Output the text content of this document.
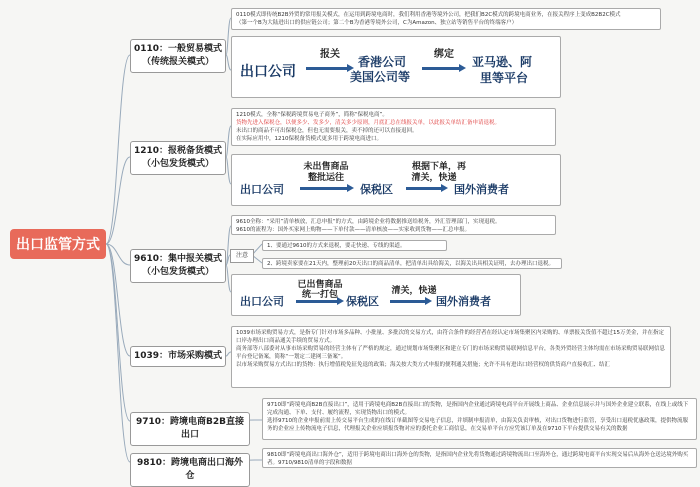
出口监管方式
0110：一般贸易模式
（传统报关模式）
1210：报税备货模式
（小包发货模式）
9610：集中报关模式
（小包发货模式）
1039：市场采购模式
9710：跨境电商B2B直接出口
9810：跨境电商出口海外仓

0110模式即传统B2B外贸的常用报关模式，在运用到跨境电商时，我们利用香港等境外公司，把我们B2C模式的跨境电商业务，在报关程序上变成B2B2C模式

（第一个B为大陆进出口的供应链公司；第二个B为香港等境外公司，C为Amazon、独立站等销售平台的终端客户）

出口公司
报关
香港公司
美国公司等
绑定
亚马逊、阿
里等平台

1210模式，全称“保税跨境贸易电子商务”，简称“保税电商”。

货物先进入保税仓，以便多少、发多少，清关多少原则，月底汇总在线报关单，以此报关单结汇备申请退税。

未出口的商品不可出保税仓，但也无需要报关，卖不掉的还可以直接退回。

在实际应用中，1210保税备货模式更多用于跨境电商进口。

出口公司
未出售商品
整批运往
保税区
根据下单，再
清关，快递
国外消费者

9610全称：“采用”清单核放，汇总申报“的方式，由跨境企业将数据推送给税务，外汇管理部门，实现退税。

9610的流程为：国外买家网上购物——下单付款——清单核放——实家收到货物——汇总申报。

注意
1、要通过9610的方式来退税，要走快递、专线的渠道。
2、跨境卖家要在21天内，整理前20天出口的商品清单，把清单出具给海关，以海关出具相关证明，去办理出口退税。
出口公司
已出售商品
统一打包 保税区
清关，快递
国外消费者

1039市场采购贸易方式，是指专门针对市场多品种、小批量、多批次的交易方式，由符合条件的经营者在经认定市场集聚区内采购的、单票报关货值不超过15万美金，并在指定口岸办理出口商品通关手续的贸易方式。

商务部等八部委对从事市场采购贸易的经营主体有了严格的规定，通过规划市场集聚区和建立专门的市场采购贸易联网信息平台，各类外贸经营主体均需在市场采购贸易联网信息平台登记备案，简称“一划定二建网三备案”。

以市场采购贸易方式出口的货物：执行增值税免征免退的政策；海关按大类方式申报的便利通关措施；允许不具有进出口经营权的供货商户直接收汇、结汇

9710即“跨境电商B2B直接出口”，适用于跨境电商B2B直接出口的货物，是指国内企业通过跨境电商平台开展线上商品、企业信息展示并与国外企业建立联系，在线上或线下完成沟通、下单、支付、履约流程，实现货物出口的模式。

选择9710的企业申报前需上传交易平台生成的在线订单截图等交易电子信息，并填制申报清单，由海关负责审核，对出口货物进行监管，享受出口退税优惠政策，提供物流服务的企业应上传物流电子信息，代理报关企业应填报货物对应的委托企业工商信息，在交易单平台方应凭该订单及在9710下平台提供交易有关的数据

9810即“跨境电商出口海外仓”，适用于跨境电商出口海外仓的货物，是指国内企业先将货物通过跨境物流出口至海外仓，通过跨境电商平台实现交易后从海外仓送达境外购买者。9710/9810清单的字段和数据
